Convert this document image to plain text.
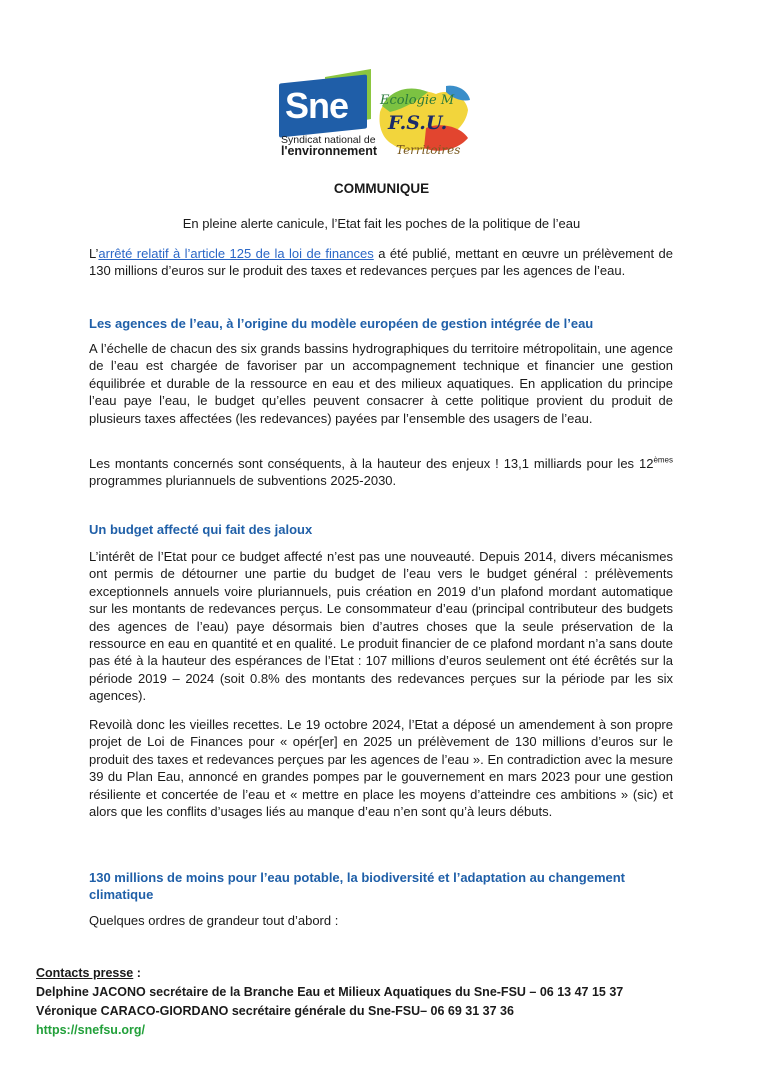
Sne
Syndicat national de
l'environnement
Ecologie M
F.S.U.
Territoires

COMMUNIQUE

En pleine alerte canicule, l’Etat fait les poches de la politique de l’eau

L’arrêté relatif à l’article 125 de la loi de finances a été publié, mettant en œuvre un prélèvement de 130 millions d’euros sur le produit des taxes et redevances perçues par les agences de l’eau.

Les agences de l’eau, à l’origine du modèle européen de gestion intégrée de l’eau

A l’échelle de chacun des six grands bassins hydrographiques du territoire métropolitain, une agence de l’eau est chargée de favoriser par un accompagnement technique et financier une gestion équilibrée et durable de la ressource en eau et des milieux aquatiques. En application du principe l’eau paye l’eau, le budget qu’elles peuvent consacrer à cette politique provient du produit de plusieurs taxes affectées (les redevances) payées par l’ensemble des usagers de l’eau.

Les montants concernés sont conséquents, à la hauteur des enjeux ! 13,1 milliards pour les 12èmes programmes pluriannuels de subventions 2025-2030.

Un budget affecté qui fait des jaloux

L’intérêt de l’Etat pour ce budget affecté n’est pas une nouveauté. Depuis 2014, divers mécanismes ont permis de détourner une partie du budget de l’eau vers le budget général : prélèvements exceptionnels annuels voire pluriannuels, puis création en 2019 d’un plafond mordant automatique sur les montants de redevances perçus. Le consommateur d’eau (principal contributeur des budgets des agences de l’eau) paye désormais bien d’autres choses que la seule préservation de la ressource en eau en quantité et en qualité. Le produit financier de ce plafond mordant n’a sans doute pas été à la hauteur des espérances de l’Etat : 107 millions d’euros seulement ont été écrêtés sur la période 2019 – 2024 (soit 0.8% des montants des redevances perçues sur la période par les six agences).

Revoilà donc les vieilles recettes. Le 19 octobre 2024, l’Etat a déposé un amendement à son propre projet de Loi de Finances pour « opér[er] en 2025 un prélèvement de 130 millions d’euros sur le produit des taxes et redevances perçues par les agences de l’eau ». En contradiction avec la mesure 39 du Plan Eau, annoncé en grandes pompes par le gouvernement en mars 2023 pour une gestion résiliente et concertée de l’eau et « mettre en place les moyens d’atteindre ces ambitions » (sic) et alors que les conflits d’usages liés au manque d’eau n’en sont qu’à leurs débuts.

130 millions de moins pour l’eau potable, la biodiversité et l’adaptation au changement climatique

Quelques ordres de grandeur tout d’abord :

Contacts presse :
Delphine JACONO secrétaire de la Branche Eau et Milieux Aquatiques du Sne-FSU – 06 13 47 15 37
Véronique CARACO-GIORDANO secrétaire générale du Sne-FSU– 06 69 31 37 36
https://snefsu.org/
